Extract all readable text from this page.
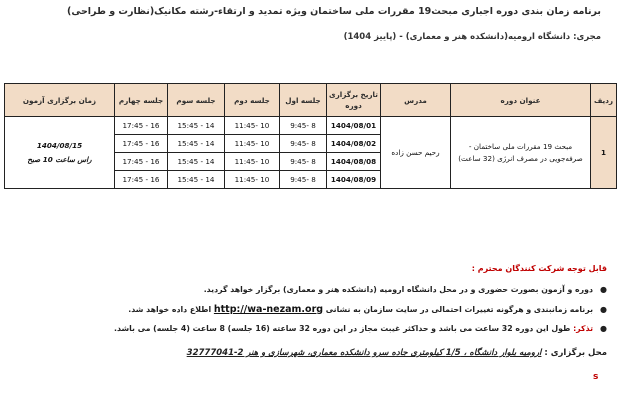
برنامه زمان بندی دوره اجباری مبحث19 مقررات ملی ساختمان ویژه تمدید و ارتقاء-رشته مکانیک(نظارت و طراحی)
مجری: دانشگاه ارومیه(دانشکده هنر و معماری) - (پاییز 1404)
ردیف	عنوان دوره	مدرس	تاریخ برگزاری دوره	جلسه اول	جلسه دوم	جلسه سوم	جلسه چهارم	زمان برگزاری آزمون
1	مبحث 19 مقررات ملی ساختمان - صرفه‌جویی در مصرف انرژی (32 ساعت)	رحیم حسن زاده	1404/08/01	8 -9:45	10 -11:45	14 - 15:45	16 - 17:45	1404/08/15
راس ساعت 10 صبح

			1404/08/02	8 -9:45	10 -11:45	14 - 15:45	16 - 17:45	
			1404/08/08	8 -9:45	10 -11:45	14 - 15:45	16 - 17:45	
			1404/08/09	8 -9:45	10 -11:45	14 - 15:45	16 - 17:45	
قابل توجه شرکت کنندگان محترم :
●
دوره و آزمون بصورت حضوری و در محل دانشگاه ارومیه (دانشکده هنر و معماری) برگزار خواهد گردید.
●
برنامه زمانبندی و هرگونه تغییرات احتمالی در سایت سازمان به نشانی http://wa-nezam.org اطلاع داده خواهد شد.
●
تذکر: طول این دوره 32 ساعت می باشد و حداکثر غیبت مجاز در این دوره 32 ساعته (16 جلسه) 8 ساعت (4 جلسه) می باشد.
محل برگزاری : ارومیه بلوار دانشگاه ، 1/5 کیلومتری جاده سرو دانشکده معماری، شهرسازی و هنر 2-32777041
s
